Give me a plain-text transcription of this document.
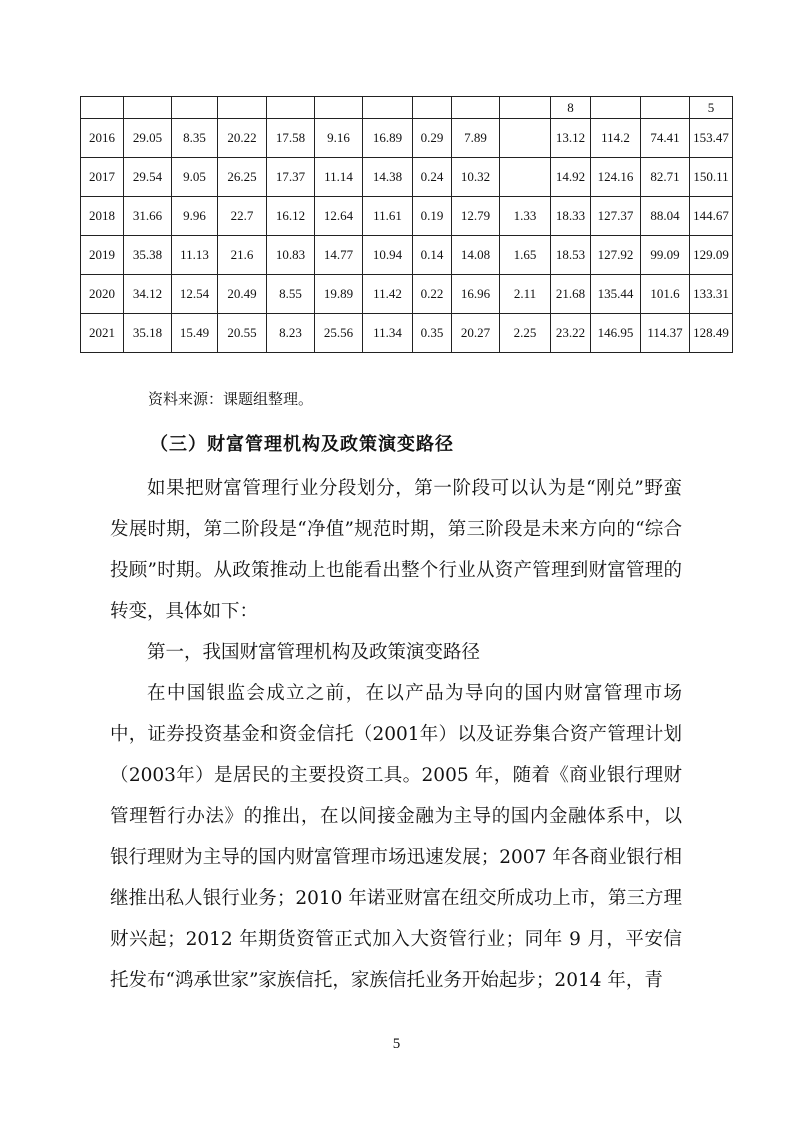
										8			5
2016	29.05	8.35	20.22	17.58	9.16	16.89	0.29	7.89		13.12	114.2	74.41	153.47
2017	29.54	9.05	26.25	17.37	11.14	14.38	0.24	10.32		14.92	124.16	82.71	150.11
2018	31.66	9.96	22.7	16.12	12.64	11.61	0.19	12.79	1.33	18.33	127.37	88.04	144.67
2019	35.38	11.13	21.6	10.83	14.77	10.94	0.14	14.08	1.65	18.53	127.92	99.09	129.09
2020	34.12	12.54	20.49	8.55	19.89	11.42	0.22	16.96	2.11	21.68	135.44	101.6	133.31
2021	35.18	15.49	20.55	8.23	25.56	11.34	0.35	20.27	2.25	23.22	146.95	114.37	128.49
资料来源：课题组整理。
（三）财富管理机构及政策演变路径

如果把财富管理行业分段划分，第一阶段可以认为是“刚兑”野蛮发展时期，第二阶段是“净值”规范时期，第三阶段是未来方向的“综合投顾”时期。从政策推动上也能看出整个行业从资产管理到财富管理的转变，具体如下：

第一，我国财富管理机构及政策演变路径

在中国银监会成立之前，在以产品为导向的国内财富管理市场中，证券投资基金和资金信托（2001年）以及证券集合资产管理计划（2003年）是居民的主要投资工具。2005 年，随着《商业银行理财管理暂行办法》的推出，在以间接金融为主导的国内金融体系中，以银行理财为主导的国内财富管理市场迅速发展；2007 年各商业银行相继推出私人银行业务；2010 年诺亚财富在纽交所成功上市，第三方理财兴起；2012 年期货资管正式加入大资管行业；同年 9 月，平安信托发布“鸿承世家”家族信托，家族信托业务开始起步；2014 年，青

5
